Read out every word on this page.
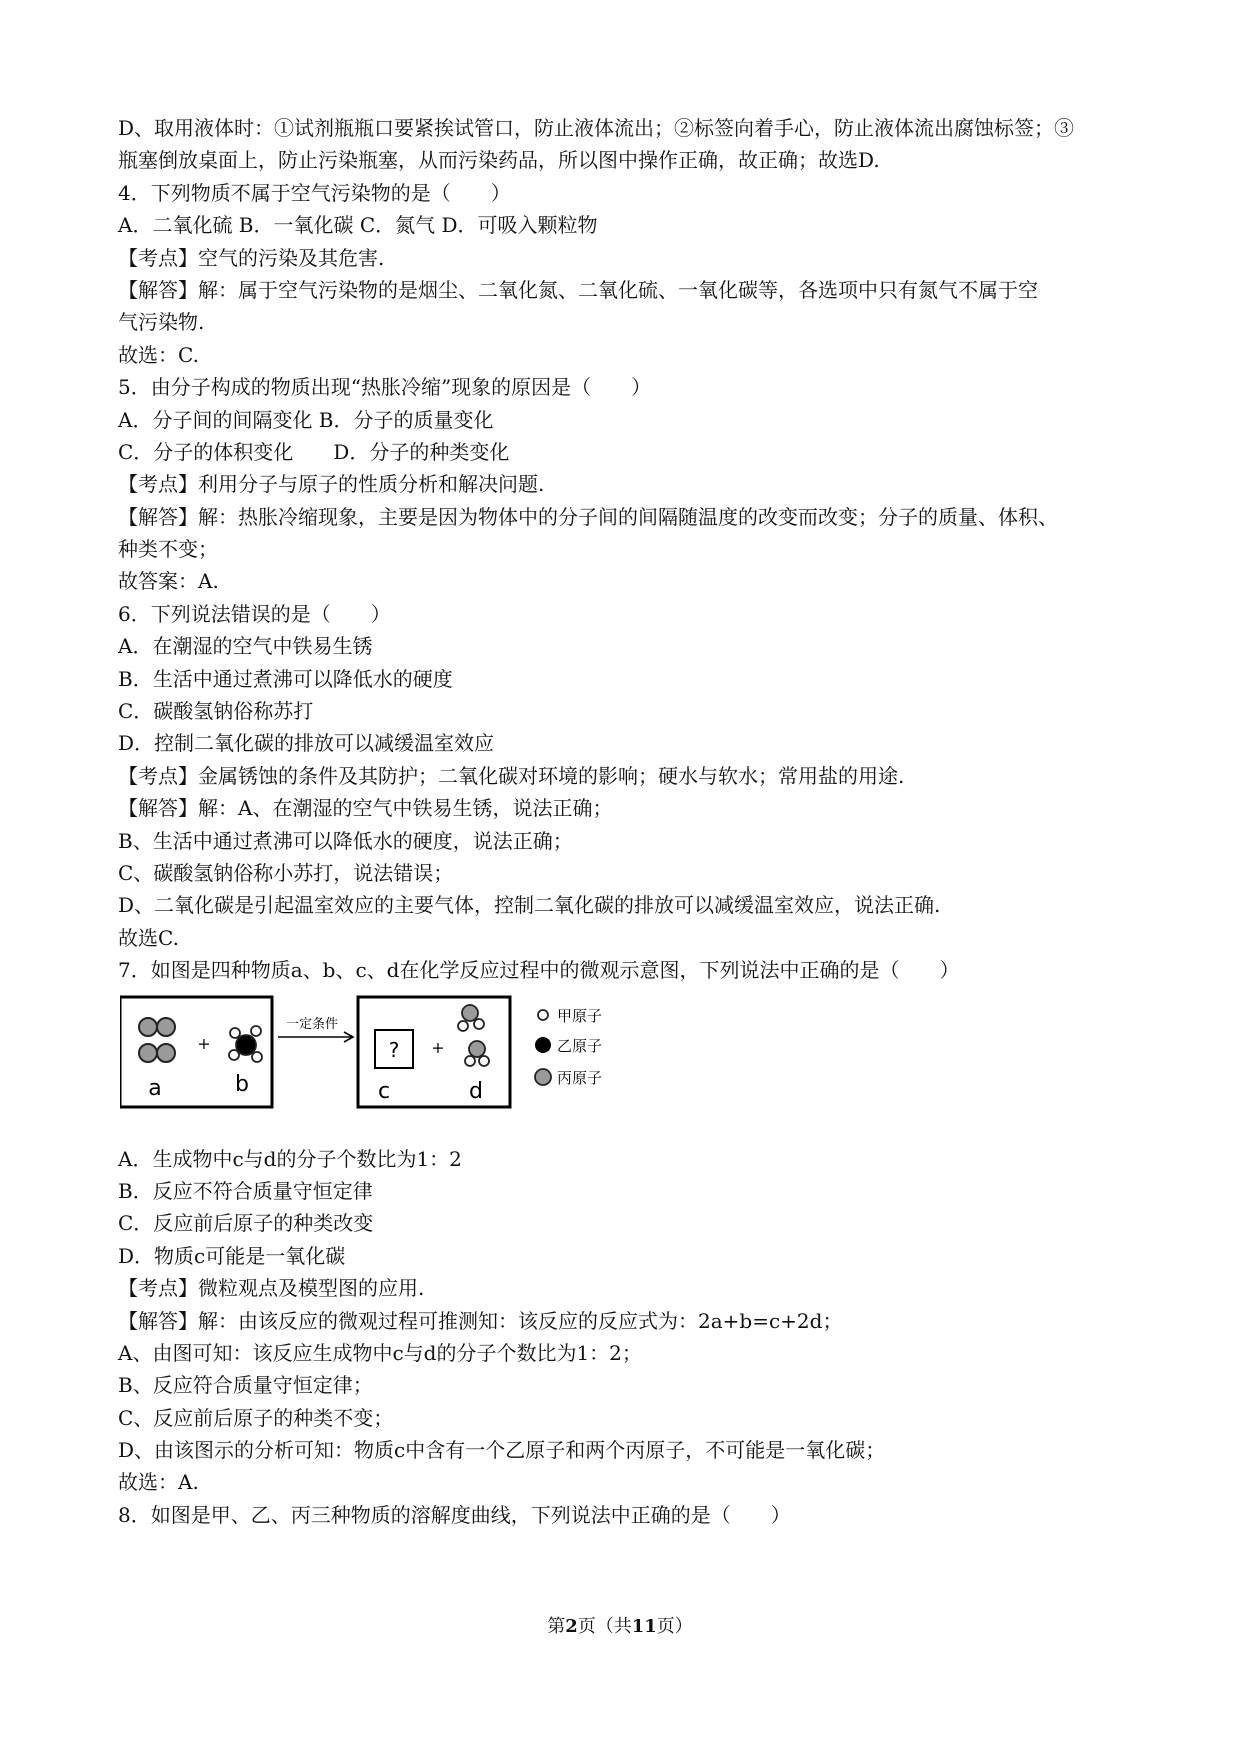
D、取用液体时：①试剂瓶瓶口要紧挨试管口，防止液体流出；②标签向着手心，防止液体流出腐蚀标签；③
瓶塞倒放桌面上，防止污染瓶塞，从而污染药品，所以图中操作正确，故正确；故选D.
4．下列物质不属于空气污染物的是（　　）
A．二氧化硫 B．一氧化碳 C．氮气 D．可吸入颗粒物
【考点】空气的污染及其危害.
【解答】解：属于空气污染物的是烟尘、二氧化氮、二氧化硫、一氧化碳等，各选项中只有氮气不属于空
气污染物.
故选：C.
5．由分子构成的物质出现“热胀冷缩”现象的原因是（　　）
A．分子间的间隔变化 B．分子的质量变化
C．分子的体积变化　　D．分子的种类变化
【考点】利用分子与原子的性质分析和解决问题.
【解答】解：热胀冷缩现象，主要是因为物体中的分子间的间隔随温度的改变而改变；分子的质量、体积、
种类不变；
故答案：A.
6．下列说法错误的是（　　）
A．在潮湿的空气中铁易生锈
B．生活中通过煮沸可以降低水的硬度
C．碳酸氢钠俗称苏打
D．控制二氧化碳的排放可以减缓温室效应
【考点】金属锈蚀的条件及其防护；二氧化碳对环境的影响；硬水与软水；常用盐的用途.
【解答】解：A、在潮湿的空气中铁易生锈，说法正确；
B、生活中通过煮沸可以降低水的硬度，说法正确；
C、碳酸氢钠俗称小苏打，说法错误；
D、二氧化碳是引起温室效应的主要气体，控制二氧化碳的排放可以减缓温室效应，说法正确.
故选C.
7．如图是四种物质a、b、c、d在化学反应过程中的微观示意图，下列说法中正确的是（　　）
+
a	b
一定条件
? +
c	d
甲原子
乙原子
丙原子
A．生成物中c与d的分子个数比为1：2
B．反应不符合质量守恒定律
C．反应前后原子的种类改变
D．物质c可能是一氧化碳
【考点】微粒观点及模型图的应用.
【解答】解：由该反应的微观过程可推测知：该反应的反应式为：2a+b=c+2d；
A、由图可知：该反应生成物中c与d的分子个数比为1：2；
B、反应符合质量守恒定律；
C、反应前后原子的种类不变；
D、由该图示的分析可知：物质c中含有一个乙原子和两个丙原子，不可能是一氧化碳；
故选：A.
8．如图是甲、乙、丙三种物质的溶解度曲线，下列说法中正确的是（　　）
第2页（共11页）
